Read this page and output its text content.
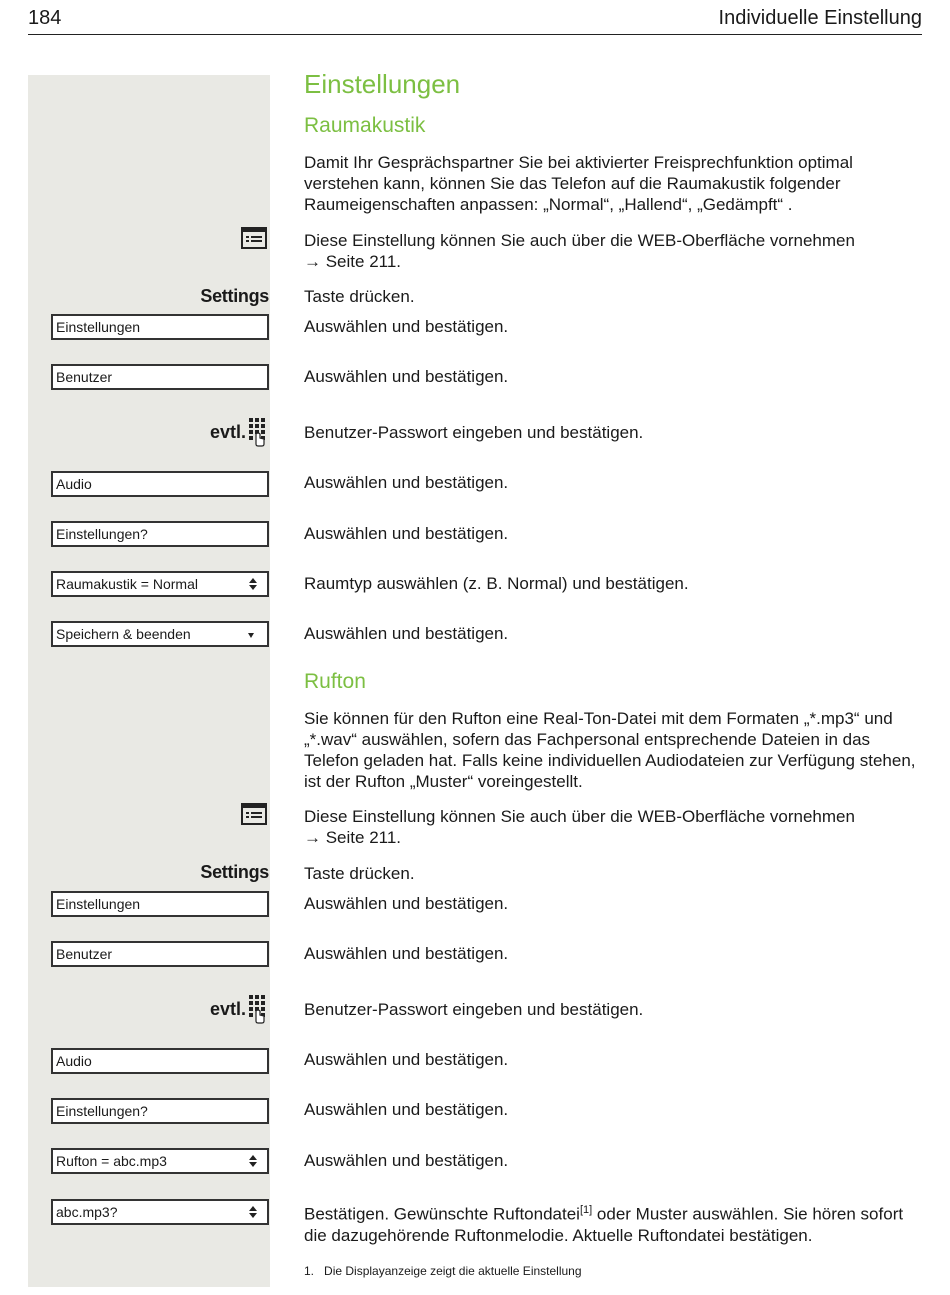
184	Individuelle Einstellung
Einstellungen
Raumakustik
Damit Ihr Gesprächspartner Sie bei aktivierter Freisprechfunktion optimal verstehen kann, können Sie das Telefon auf die Raumakustik folgender Raumeigenschaften anpassen: „Normal“, „Hallend“, „Gedämpft“ .
Diese Einstellung können Sie auch über die WEB-Oberfläche vornehmen
→ Seite 211.
Settings Taste drücken.
Einstellungen	Auswählen und bestätigen.
Benutzer	Auswählen und bestätigen.
evtl.	Benutzer-Passwort eingeben und bestätigen.
Audio	Auswählen und bestätigen.
Einstellungen?	Auswählen und bestätigen.
Raumakustik = Normal	Raumtyp auswählen (z. B. Normal) und bestätigen.
Speichern & beenden	Auswählen und bestätigen.
Rufton
Sie können für den Rufton eine Real-Ton-Datei mit dem Formaten „*.mp3“ und „*.wav“ auswählen, sofern das Fachpersonal entsprechende Dateien in das Telefon geladen hat. Falls keine individuellen Audiodateien zur Verfügung stehen, ist der Rufton „Muster“ voreingestellt.
Diese Einstellung können Sie auch über die WEB-Oberfläche vornehmen
→ Seite 211.
Settings Taste drücken.
Einstellungen	Auswählen und bestätigen.
Benutzer	Auswählen und bestätigen.
evtl.	Benutzer-Passwort eingeben und bestätigen.
Audio	Auswählen und bestätigen.
Einstellungen?	Auswählen und bestätigen.
Rufton = abc.mp3	Auswählen und bestätigen.
abc.mp3?	Bestätigen. Gewünschte Ruftondatei[1] oder Muster auswählen. Sie hören sofort die dazugehörende Ruftonmelodie. Aktuelle Ruftondatei bestätigen.
1. Die Displayanzeige zeigt die aktuelle Einstellung
